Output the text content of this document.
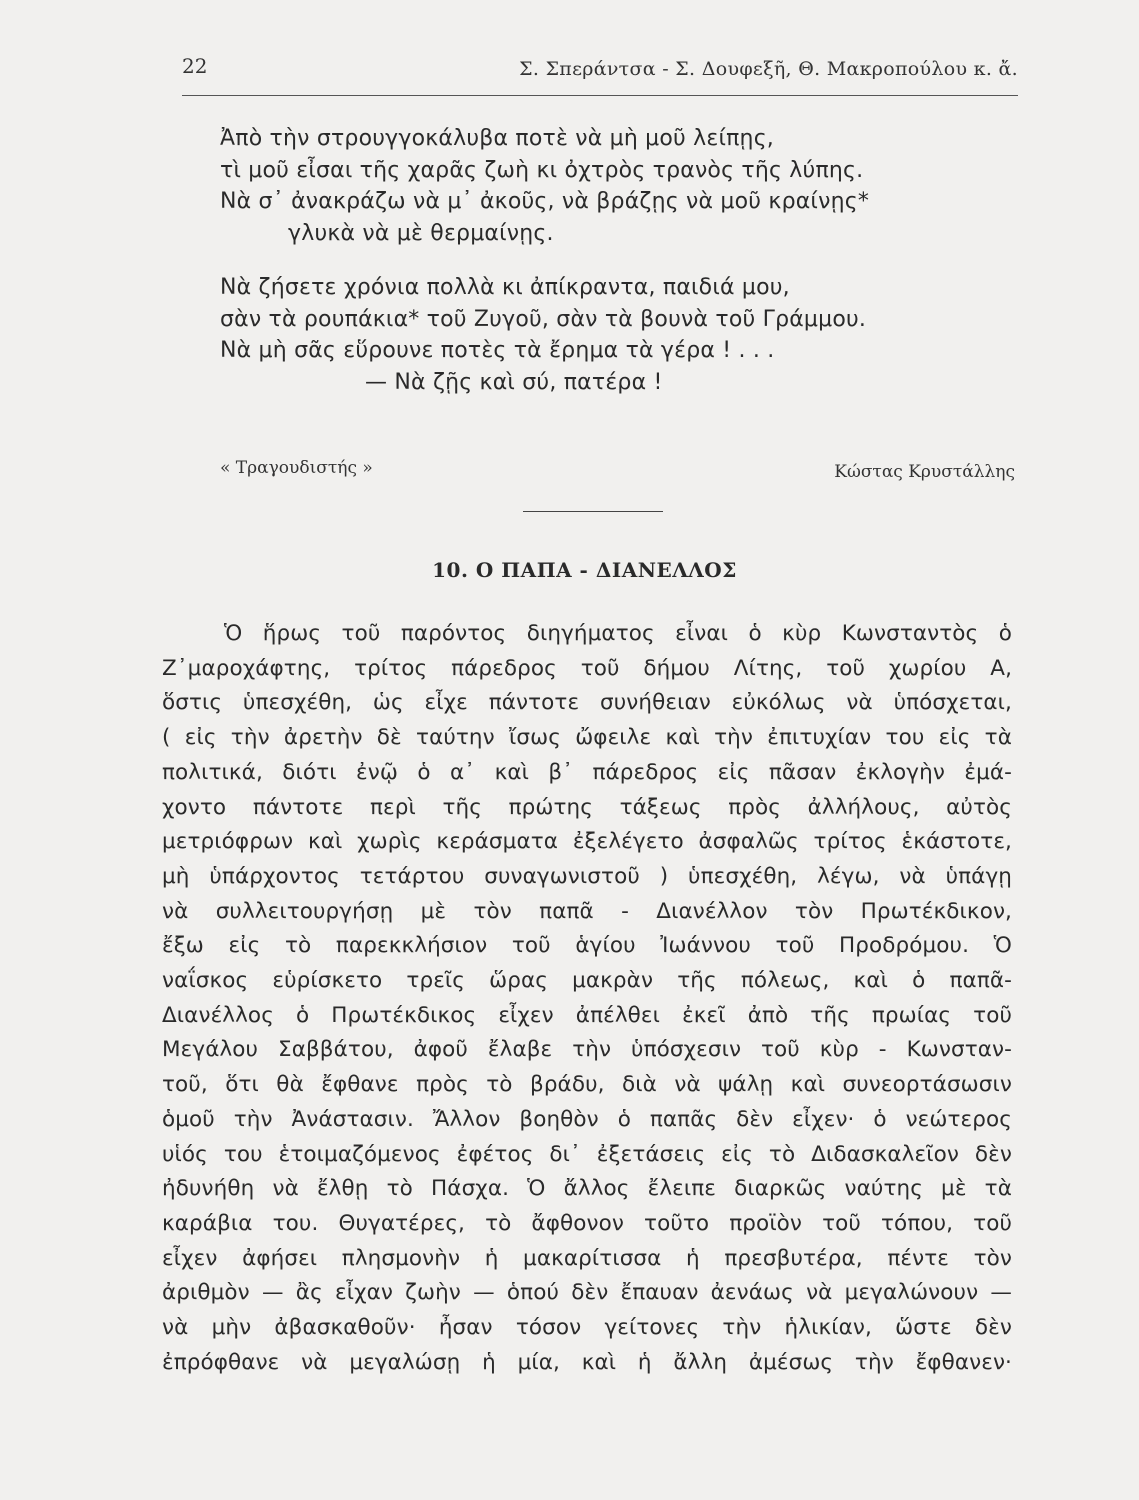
22	Σ. Σπεράντσα - Σ. Δουφεξῆ, Θ. Μακροπούλου κ. ἄ.
Ἀπὸ τὴν στρουγγοκάλυβα ποτὲ νὰ μὴ μοῦ λείπῃς,
τὶ μοῦ εἶσαι τῆς χαρᾶς ζωὴ κι ὀχτρὸς τρανὸς τῆς λύπης.
Νὰ σ᾽ ἀνακράζω νὰ μ᾽ ἀκοῦς, νὰ βράζῃς νὰ μοῦ κραίνῃς*
γλυκὰ νὰ μὲ θερμαίνῃς.
Νὰ ζήσετε χρόνια πολλὰ κι ἀπίκραντα, παιδιά μου,
σὰν τὰ ρουπάκια* τοῦ Ζυγοῦ, σὰν τὰ βουνὰ τοῦ Γράμμου.
Νὰ μὴ σᾶς εὕρουνε ποτὲς τὰ ἔρημα τὰ γέρα ! . . .
— Νὰ ζῇς καὶ σύ, πατέρα !
« Τραγουδιστής »	Κώστας Κρυστάλλης
10. Ο ΠΑΠΑ - ΔΙΑΝΕΛΛΟΣ
Ὁ ἥρως τοῦ παρόντος διηγήματος εἶναι ὁ κὺρ Κωνσταντὸς ὁ
Ζ᾽μαροχάφτης, τρίτος πάρεδρος τοῦ δήμου Λίτης, τοῦ χωρίου Α,
ὅστις ὑπεσχέθη, ὡς εἶχε πάντοτε συνήθειαν εὐκόλως νὰ ὑπόσχεται,
( εἰς τὴν ἀρετὴν δὲ ταύτην ἴσως ὤφειλε καὶ τὴν ἐπιτυχίαν του εἰς τὰ
πολιτικά, διότι ἐνῷ ὁ α᾽ καὶ β᾽ πάρεδρος εἰς πᾶσαν ἐκλογὴν ἐμά-
χοντο πάντοτε περὶ τῆς πρώτης τάξεως πρὸς ἀλλήλους, αὐτὸς
μετριόφρων καὶ χωρὶς κεράσματα ἐξελέγετο ἀσφαλῶς τρίτος ἑκάστοτε,
μὴ ὑπάρχοντος τετάρτου συναγωνιστοῦ ) ὑπεσχέθη, λέγω, νὰ ὑπάγῃ
νὰ συλλειτουργήσῃ μὲ τὸν παπᾶ - Διανέλλον τὸν Πρωτέκδικον,
ἔξω εἰς τὸ παρεκκλήσιον τοῦ ἁγίου Ἰωάννου τοῦ Προδρόμου. Ὁ
ναΐσκος εὑρίσκετο τρεῖς ὥρας μακρὰν τῆς πόλεως, καὶ ὁ παπᾶ-
Διανέλλος ὁ Πρωτέκδικος εἶχεν ἀπέλθει ἐκεῖ ἀπὸ τῆς πρωίας τοῦ
Μεγάλου Σαββάτου, ἀφοῦ ἔλαβε τὴν ὑπόσχεσιν τοῦ κὺρ - Κωνσταν-
τοῦ, ὅτι θὰ ἔφθανε πρὸς τὸ βράδυ, διὰ νὰ ψάλῃ καὶ συνεορτάσωσιν
ὁμοῦ τὴν Ἀνάστασιν. Ἄλλον βοηθὸν ὁ παπᾶς δὲν εἶχεν· ὁ νεώτερος
υἱός του ἑτοιμαζόμενος ἐφέτος δι᾽ ἐξετάσεις εἰς τὸ Διδασκαλεῖον δὲν
ἠδυνήθη νὰ ἔλθῃ τὸ Πάσχα. Ὁ ἄλλος ἔλειπε διαρκῶς ναύτης μὲ τὰ
καράβια του. Θυγατέρες, τὸ ἄφθονον τοῦτο προϊὸν τοῦ τόπου, τοῦ
εἶχεν ἀφήσει πλησμονὴν ἡ μακαρίτισσα ἡ πρεσβυτέρα, πέντε τὸν
ἀριθμὸν — ἂς εἶχαν ζωὴν — ὁπού δὲν ἔπαυαν ἀενάως νὰ μεγαλώνουν —
νὰ μὴν ἀβασκαθοῦν· ἦσαν τόσον γείτονες τὴν ἡλικίαν, ὥστε δὲν
ἐπρόφθανε νὰ μεγαλώσῃ ἡ μία, καὶ ἡ ἄλλη ἀμέσως τὴν ἔφθανεν·
